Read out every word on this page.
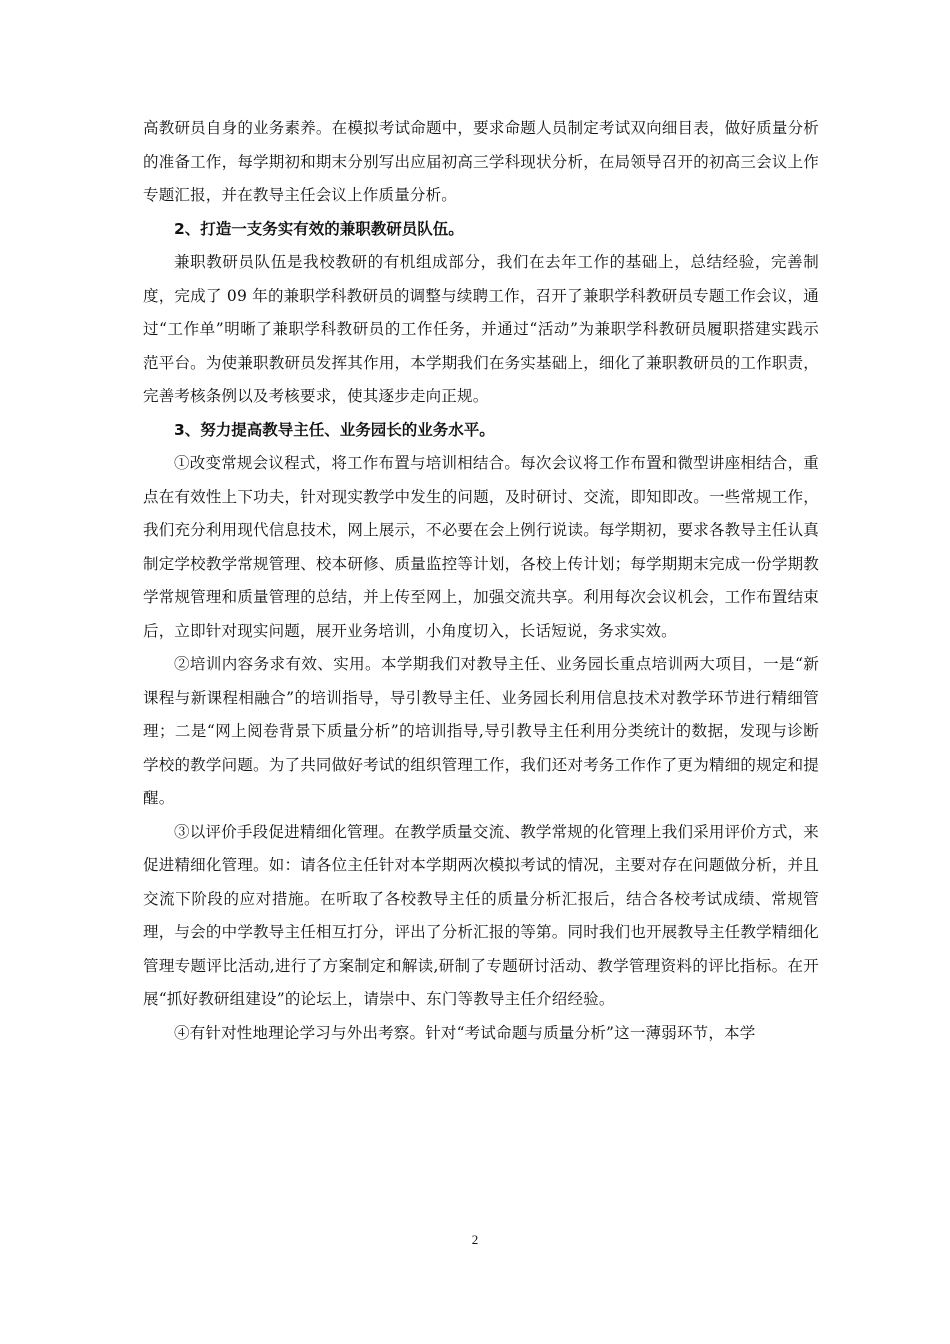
高教研员自身的业务素养。在模拟考试命题中，要求命题人员制定考试双向细目表，做好质量分析的准备工作，每学期初和期末分别写出应届初高三学科现状分析，在局领导召开的初高三会议上作专题汇报，并在教导主任会议上作质量分析。

2、打造一支务实有效的兼职教研员队伍。

兼职教研员队伍是我校教研的有机组成部分，我们在去年工作的基础上，总结经验，完善制度，完成了 09 年的兼职学科教研员的调整与续聘工作，召开了兼职学科教研员专题工作会议，通过“工作单”明晰了兼职学科教研员的工作任务，并通过“活动”为兼职学科教研员履职搭建实践示范平台。为使兼职教研员发挥其作用，本学期我们在务实基础上，细化了兼职教研员的工作职责，完善考核条例以及考核要求，使其逐步走向正规。

3、努力提高教导主任、业务园长的业务水平。

①改变常规会议程式，将工作布置与培训相结合。每次会议将工作布置和微型讲座相结合，重点在有效性上下功夫，针对现实教学中发生的问题，及时研讨、交流，即知即改。一些常规工作，我们充分利用现代信息技术，网上展示，不必要在会上例行说读。每学期初，要求各教导主任认真制定学校教学常规管理、校本研修、质量监控等计划，各校上传计划；每学期期末完成一份学期教学常规管理和质量管理的总结，并上传至网上，加强交流共享。利用每次会议机会，工作布置结束后，立即针对现实问题，展开业务培训，小角度切入，长话短说，务求实效。

②培训内容务求有效、实用。本学期我们对教导主任、业务园长重点培训两大项目，一是“新课程与新课程相融合”的培训指导，导引教导主任、业务园长利用信息技术对教学环节进行精细管理；二是“网上阅卷背景下质量分析”的培训指导,导引教导主任利用分类统计的数据，发现与诊断学校的教学问题。为了共同做好考试的组织管理工作，我们还对考务工作作了更为精细的规定和提醒。

③以评价手段促进精细化管理。在教学质量交流、教学常规的化管理上我们采用评价方式，来促进精细化管理。如：请各位主任针对本学期两次模拟考试的情况，主要对存在问题做分析，并且交流下阶段的应对措施。在听取了各校教导主任的质量分析汇报后，结合各校考试成绩、常规管理，与会的中学教导主任相互打分，评出了分析汇报的等第。同时我们也开展教导主任教学精细化管理专题评比活动,进行了方案制定和解读,研制了专题研讨活动、教学管理资料的评比指标。在开展“抓好教研组建设”的论坛上，请崇中、东门等教导主任介绍经验。

④有针对性地理论学习与外出考察。针对“考试命题与质量分析”这一薄弱环节，本学

2
